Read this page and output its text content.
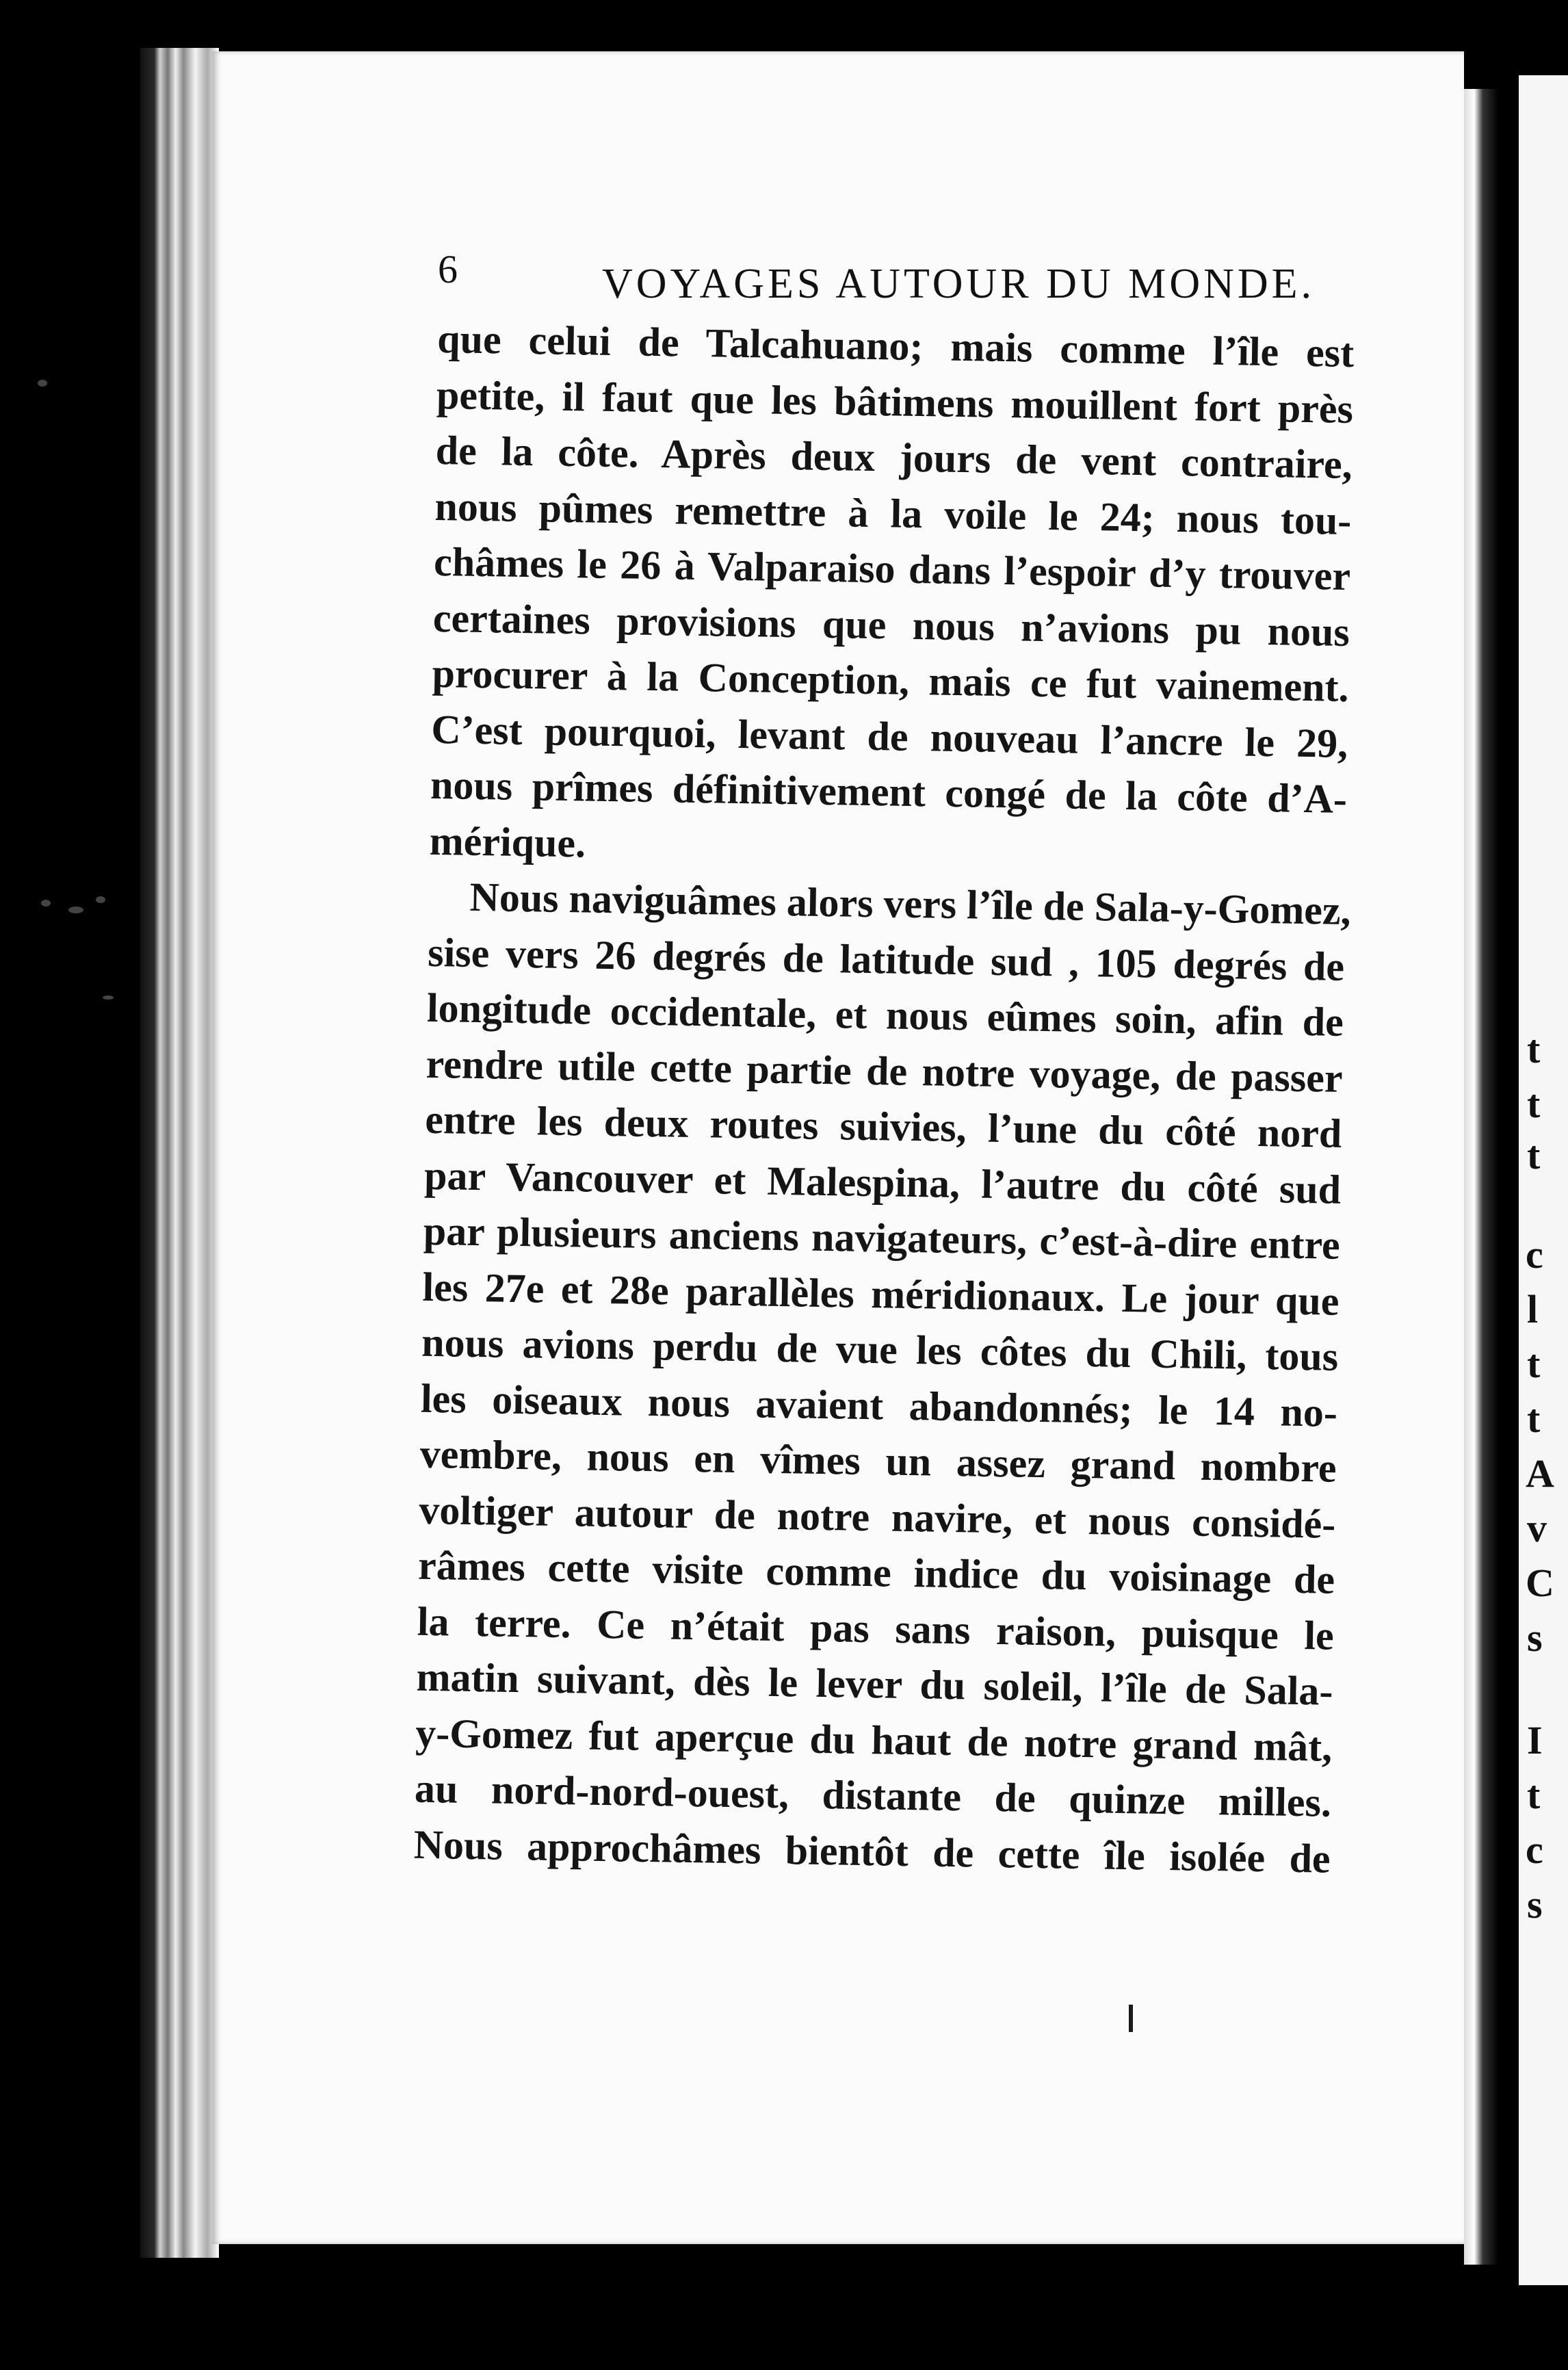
t
t
t
c
l
t
t
A
v
C
s
I
t
c
s
6	VOYAGES AUTOUR DU MONDE.
que celui de Talcahuano; mais comme l’île est
petite, il faut que les bâtimens mouillent fort près
de la côte. Après deux jours de vent contraire,
nous pûmes remettre à la voile le 24; nous tou-
châmes le 26 à Valparaiso dans l’espoir d’y trouver
certaines provisions que nous n’avions pu nous
procurer à la Conception, mais ce fut vainement.
C’est pourquoi, levant de nouveau l’ancre le 29,
nous prîmes définitivement congé de la côte d’A-
mérique.
Nous naviguâmes alors vers l’île de Sala-y-Gomez,
sise vers 26 degrés de latitude sud , 105 degrés de
longitude occidentale, et nous eûmes soin, afin de
rendre utile cette partie de notre voyage, de passer
entre les deux routes suivies, l’une du côté nord
par Vancouver et Malespina, l’autre du côté sud
par plusieurs anciens navigateurs, c’est-à-dire entre
les 27e et 28e parallèles méridionaux. Le jour que
nous avions perdu de vue les côtes du Chili, tous
les oiseaux nous avaient abandonnés; le 14 no-
vembre, nous en vîmes un assez grand nombre
voltiger autour de notre navire, et nous considé-
râmes cette visite comme indice du voisinage de
la terre. Ce n’était pas sans raison, puisque le
matin suivant, dès le lever du soleil, l’île de Sala-
y-Gomez fut aperçue du haut de notre grand mât,
au nord-nord-ouest, distante de quinze milles.
Nous approchâmes bientôt de cette île isolée de
